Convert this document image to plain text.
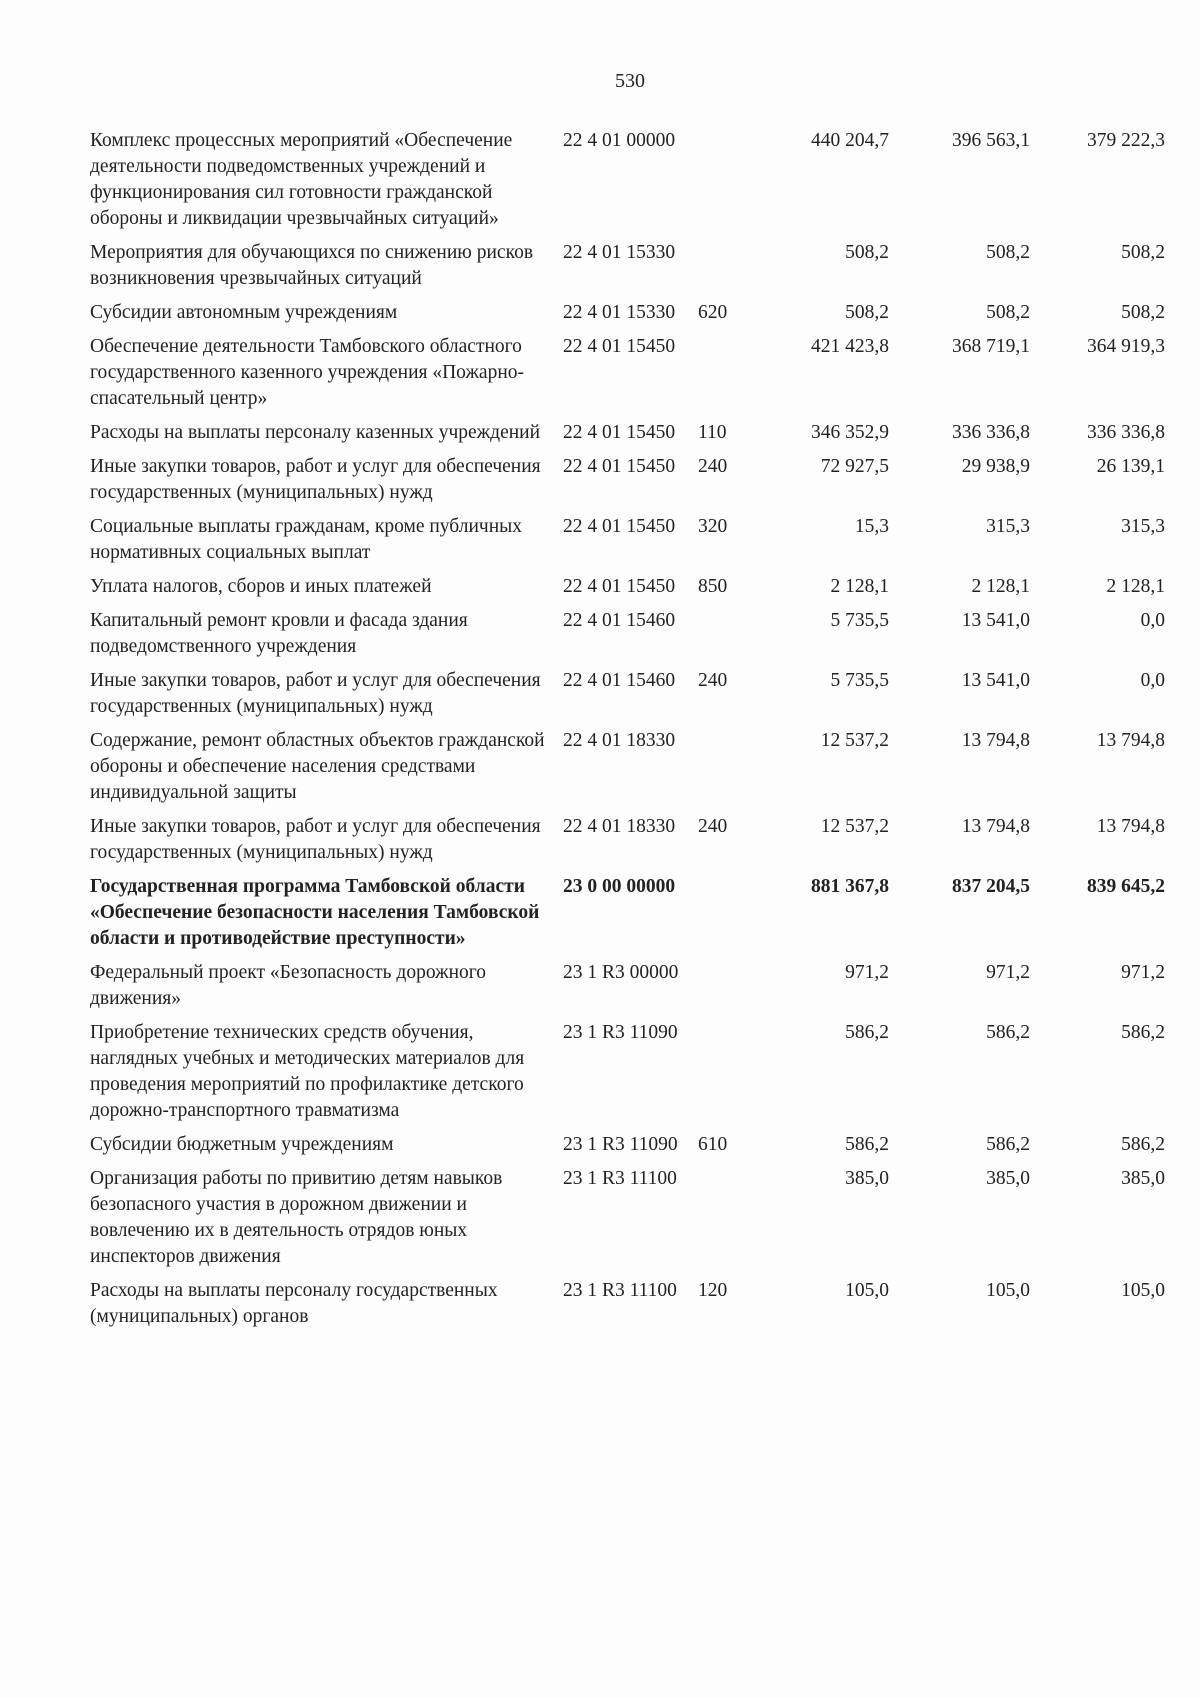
530
Комплекс процессных мероприятий «Обеспечение деятельности подведомственных учреждений и функционирования сил готовности гражданской обороны и ликвидации чрезвычайных ситуаций»	22 4 01 00000		440 204,7	396 563,1	379 222,3
Мероприятия для обучающихся по снижению рисков возникновения чрезвычайных ситуаций	22 4 01 15330		508,2	508,2	508,2
Субсидии автономным учреждениям	22 4 01 15330	620	508,2	508,2	508,2
Обеспечение деятельности Тамбовского областного государственного казенного учреждения «Пожарно-спасательный центр»	22 4 01 15450		421 423,8	368 719,1	364 919,3
Расходы на выплаты персоналу казенных учреждений	22 4 01 15450	110	346 352,9	336 336,8	336 336,8
Иные закупки товаров, работ и услуг для обеспечения государственных (муниципальных) нужд	22 4 01 15450	240	72 927,5	29 938,9	26 139,1
Социальные выплаты гражданам, кроме публичных нормативных социальных выплат	22 4 01 15450	320	15,3	315,3	315,3
Уплата налогов, сборов и иных платежей	22 4 01 15450	850	2 128,1	2 128,1	2 128,1
Капитальный ремонт кровли и фасада здания подведомственного учреждения	22 4 01 15460		5 735,5	13 541,0	0,0
Иные закупки товаров, работ и услуг для обеспечения государственных (муниципальных) нужд	22 4 01 15460	240	5 735,5	13 541,0	0,0
Содержание, ремонт областных объектов гражданской обороны и обеспечение населения средствами индивидуальной защиты	22 4 01 18330		12 537,2	13 794,8	13 794,8
Иные закупки товаров, работ и услуг для обеспечения государственных (муниципальных) нужд	22 4 01 18330	240	12 537,2	13 794,8	13 794,8
Государственная программа Тамбовской области «Обеспечение безопасности населения Тамбовской области и противодействие преступности»	23 0 00 00000		881 367,8	837 204,5	839 645,2
Федеральный проект «Безопасность дорожного движения»	23 1 R3 00000		971,2	971,2	971,2
Приобретение технических средств обучения, наглядных учебных и методических материалов для проведения мероприятий по профилактике детского дорожно-транспортного травматизма	23 1 R3 11090		586,2	586,2	586,2
Субсидии бюджетным учреждениям	23 1 R3 11090	610	586,2	586,2	586,2
Организация работы по привитию детям навыков безопасного участия в дорожном движении и вовлечению их в деятельность отрядов юных инспекторов движения	23 1 R3 11100		385,0	385,0	385,0
Расходы на выплаты персоналу государственных (муниципальных) органов	23 1 R3 11100	120	105,0	105,0	105,0
